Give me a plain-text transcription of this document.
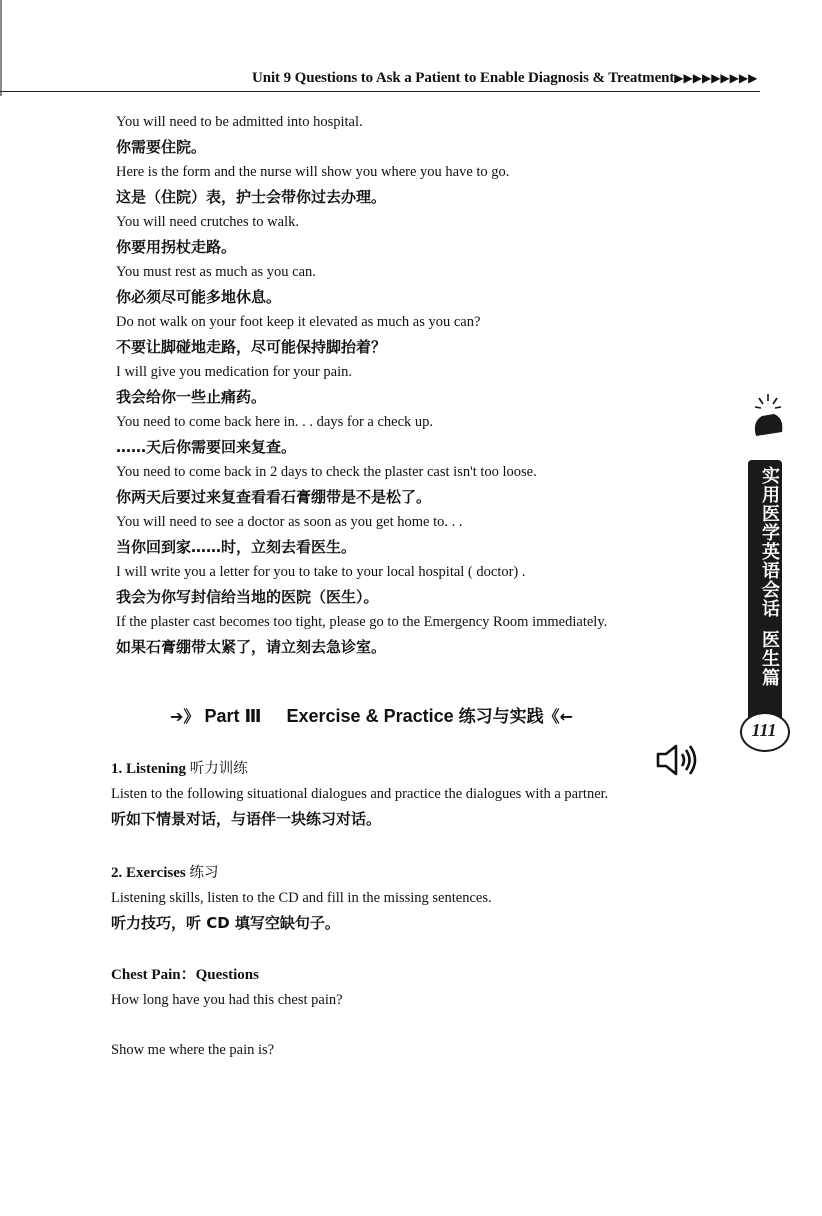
Unit 9 Questions to Ask a Patient to Enable Diagnosis & Treatment▶▶▶▶▶▶▶▶▶
You will need to be admitted into hospital.
你需要住院。
Here is the form and the nurse will show you where you have to go.
这是（住院）表，护士会带你过去办理。
You will need crutches to walk.
你要用拐杖走路。
You must rest as much as you can.
你必须尽可能多地休息。
Do not walk on your foot keep it elevated as much as you can?
不要让脚碰地走路，尽可能保持脚抬着？
I will give you medication for your pain.
我会给你一些止痛药。
You need to come back here in. . . days for a check up.
……天后你需要回来复查。
You need to come back in 2 days to check the plaster cast isn't too loose.
你两天后要过来复查看看石膏绷带是不是松了。
You will need to see a doctor as soon as you get home to. . .
当你回到家……时，立刻去看医生。
I will write you a letter for you to take to your local hospital ( doctor) .
我会为你写封信给当地的医院（医生）。
If the plaster cast becomes too tight, please go to the Emergency Room immediately.
如果石膏绷带太紧了，请立刻去急诊室。
➔》 Part Ⅲ Exercise & Practice 练习与实践《←
1. Listening 听力训练
Listen to the following situational dialogues and practice the dialogues with a partner.
听如下情景对话，与语伴一块练习对话。
2. Exercises 练习
Listening skills, listen to the CD and fill in the missing sentences.
听力技巧，听 CD 填写空缺句子。
Chest Pain：Questions
How long have you had this chest pain?
Show me where the pain is?
实用医学英语会话
医生篇
111
